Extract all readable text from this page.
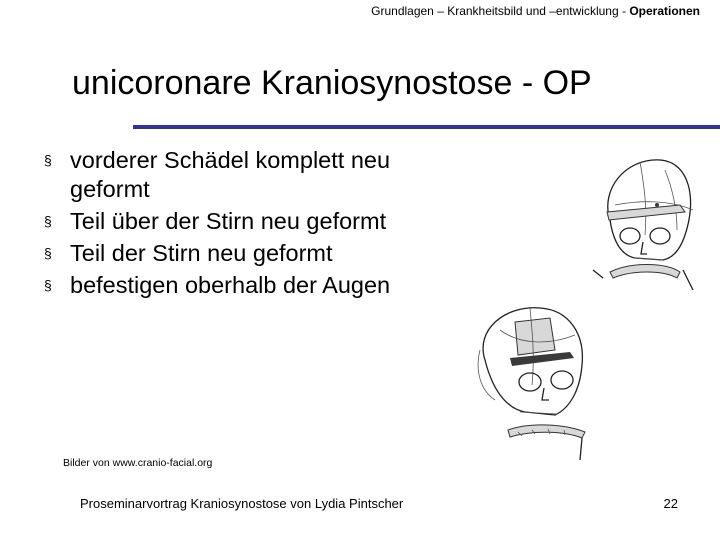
Grundlagen – Krankheitsbild und –entwicklung - Operationen
unicoronare Kraniosynostose - OP
§ vorderer Schädel komplett neu geformt
§ Teil über der Stirn neu geformt
§ Teil der Stirn neu geformt
§ befestigen oberhalb der Augen
Bilder von www.cranio-facial.org
Proseminarvortrag Kraniosynostose von Lydia Pintscher	22
